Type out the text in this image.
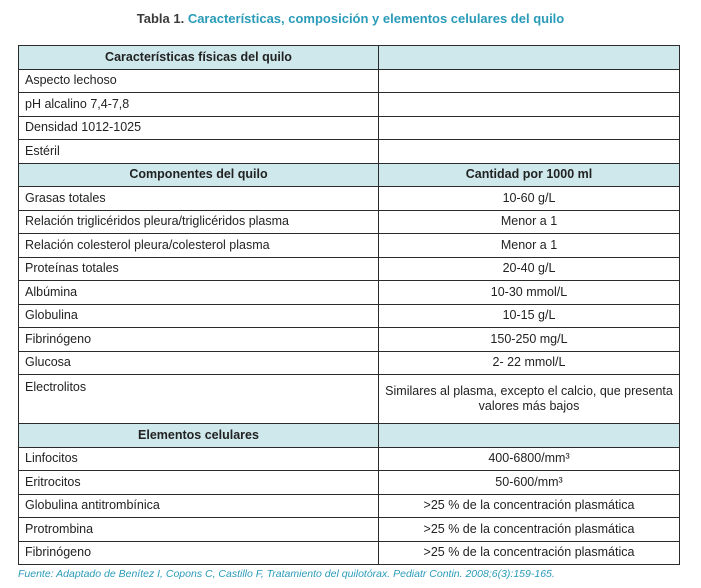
Tabla 1. Características, composición y elementos celulares del quilo
Características físicas del quilo	
Aspecto lechoso	
pH alcalino 7,4-7,8	
Densidad 1012-1025	
Estéril	
Componentes del quilo	Cantidad por 1000 ml
Grasas totales	10-60 g/L
Relación triglicéridos pleura/triglicéridos plasma	Menor a 1
Relación colesterol pleura/colesterol plasma	Menor a 1
Proteínas totales	20-40 g/L
Albúmina	10-30 mmol/L
Globulina	10-15 g/L
Fibrinógeno	150-250 mg/L
Glucosa	2- 22 mmol/L
Electrolitos	Similares al plasma, excepto el calcio, que presenta valores más bajos
Elementos celulares	
Linfocitos	400-6800/mm³
Eritrocitos	50-600/mm³
Globulina antitrombínica	>25 % de la concentración plasmática
Protrombina	>25 % de la concentración plasmática
Fibrinógeno	>25 % de la concentración plasmática
Fuente: Adaptado de Benítez I, Copons C, Castillo F, Tratamiento del quilotórax. Pediatr Contin. 2008;6(3):159-165.
